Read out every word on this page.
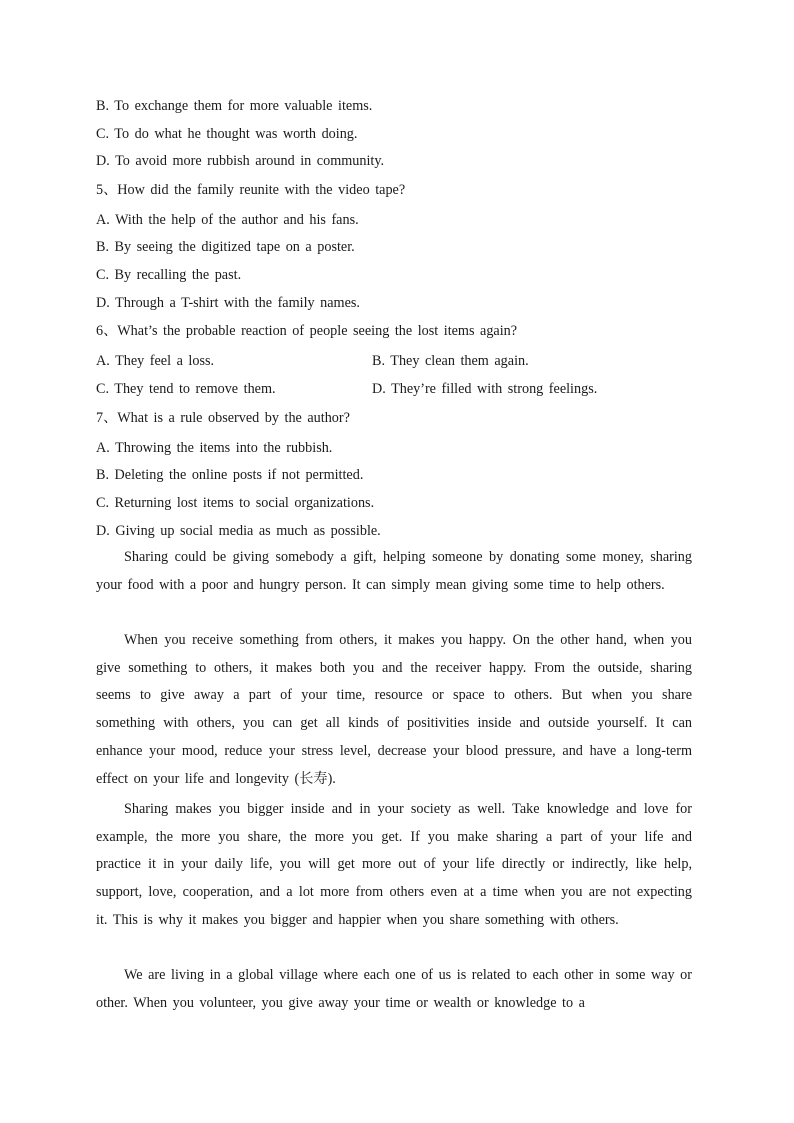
B. To exchange them for more valuable items.
C. To do what he thought was worth doing.
D. To avoid more rubbish around in community.
5、How did the family reunite with the video tape?
A. With the help of the author and his fans.
B. By seeing the digitized tape on a poster.
C. By recalling the past.
D. Through a T-shirt with the family names.
6、What’s the probable reaction of people seeing the lost items again?
A. They feel a loss.	B. They clean them again.
C. They tend to remove them.	D. They’re filled with strong feelings.
7、What is a rule observed by the author?
A. Throwing the items into the rubbish.
B. Deleting the online posts if not permitted.
C. Returning lost items to social organizations.
D. Giving up social media as much as possible.

Sharing could be giving somebody a gift, helping someone by donating some money, sharing your food with a poor and hungry person. It can simply mean giving some time to help others.

When you receive something from others, it makes you happy. On the other hand, when you give something to others, it makes both you and the receiver happy. From the outside, sharing seems to give away a part of your time, resource or space to others. But when you share something with others, you can get all kinds of positivities inside and outside yourself. It can enhance your mood, reduce your stress level, decrease your blood pressure, and have a long-term effect on your life and longevity (长寿).

Sharing makes you bigger inside and in your society as well. Take knowledge and love for example, the more you share, the more you get. If you make sharing a part of your life and practice it in your daily life, you will get more out of your life directly or indirectly, like help, support, love, cooperation, and a lot more from others even at a time when you are not expecting it. This is why it makes you bigger and happier when you share something with others.

We are living in a global village where each one of us is related to each other in some way or other. When you volunteer, you give away your time or wealth or knowledge to a
